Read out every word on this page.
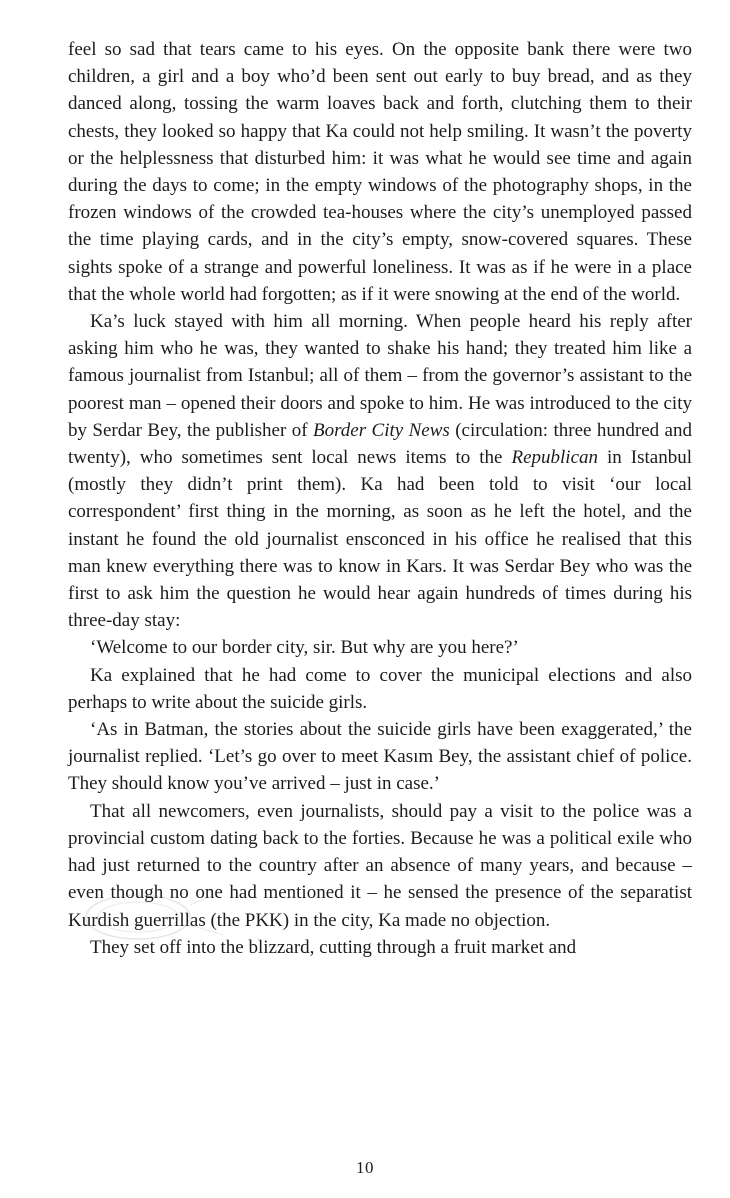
feel so sad that tears came to his eyes. On the opposite bank there were two children, a girl and a boy who’d been sent out early to buy bread, and as they danced along, tossing the warm loaves back and forth, clutching them to their chests, they looked so happy that Ka could not help smiling. It wasn’t the poverty or the helplessness that disturbed him: it was what he would see time and again during the days to come; in the empty windows of the photography shops, in the frozen windows of the crowded tea-houses where the city’s unemployed passed the time playing cards, and in the city’s empty, snow-covered squares. These sights spoke of a strange and powerful loneliness. It was as if he were in a place that the whole world had forgotten; as if it were snowing at the end of the world.

Ka’s luck stayed with him all morning. When people heard his reply after asking him who he was, they wanted to shake his hand; they treated him like a famous journalist from Istanbul; all of them – from the governor’s assistant to the poorest man – opened their doors and spoke to him. He was introduced to the city by Serdar Bey, the publisher of Border City News (circulation: three hundred and twenty), who sometimes sent local news items to the Republican in Istanbul (mostly they didn’t print them). Ka had been told to visit ‘our local correspondent’ first thing in the morning, as soon as he left the hotel, and the instant he found the old journalist ensconced in his office he realised that this man knew everything there was to know in Kars. It was Serdar Bey who was the first to ask him the question he would hear again hundreds of times during his three-day stay:

‘Welcome to our border city, sir. But why are you here?’

Ka explained that he had come to cover the municipal elections and also perhaps to write about the suicide girls.

‘As in Batman, the stories about the suicide girls have been exaggerated,’ the journalist replied. ‘Let’s go over to meet Kasım Bey, the assistant chief of police. They should know you’ve arrived – just in case.’

That all newcomers, even journalists, should pay a visit to the police was a provincial custom dating back to the forties. Because he was a political exile who had just returned to the country after an absence of many years, and because – even though no one had mentioned it – he sensed the presence of the separatist Kurdish guerrillas (the PKK) in the city, Ka made no objection.

They set off into the blizzard, cutting through a fruit market and

10
